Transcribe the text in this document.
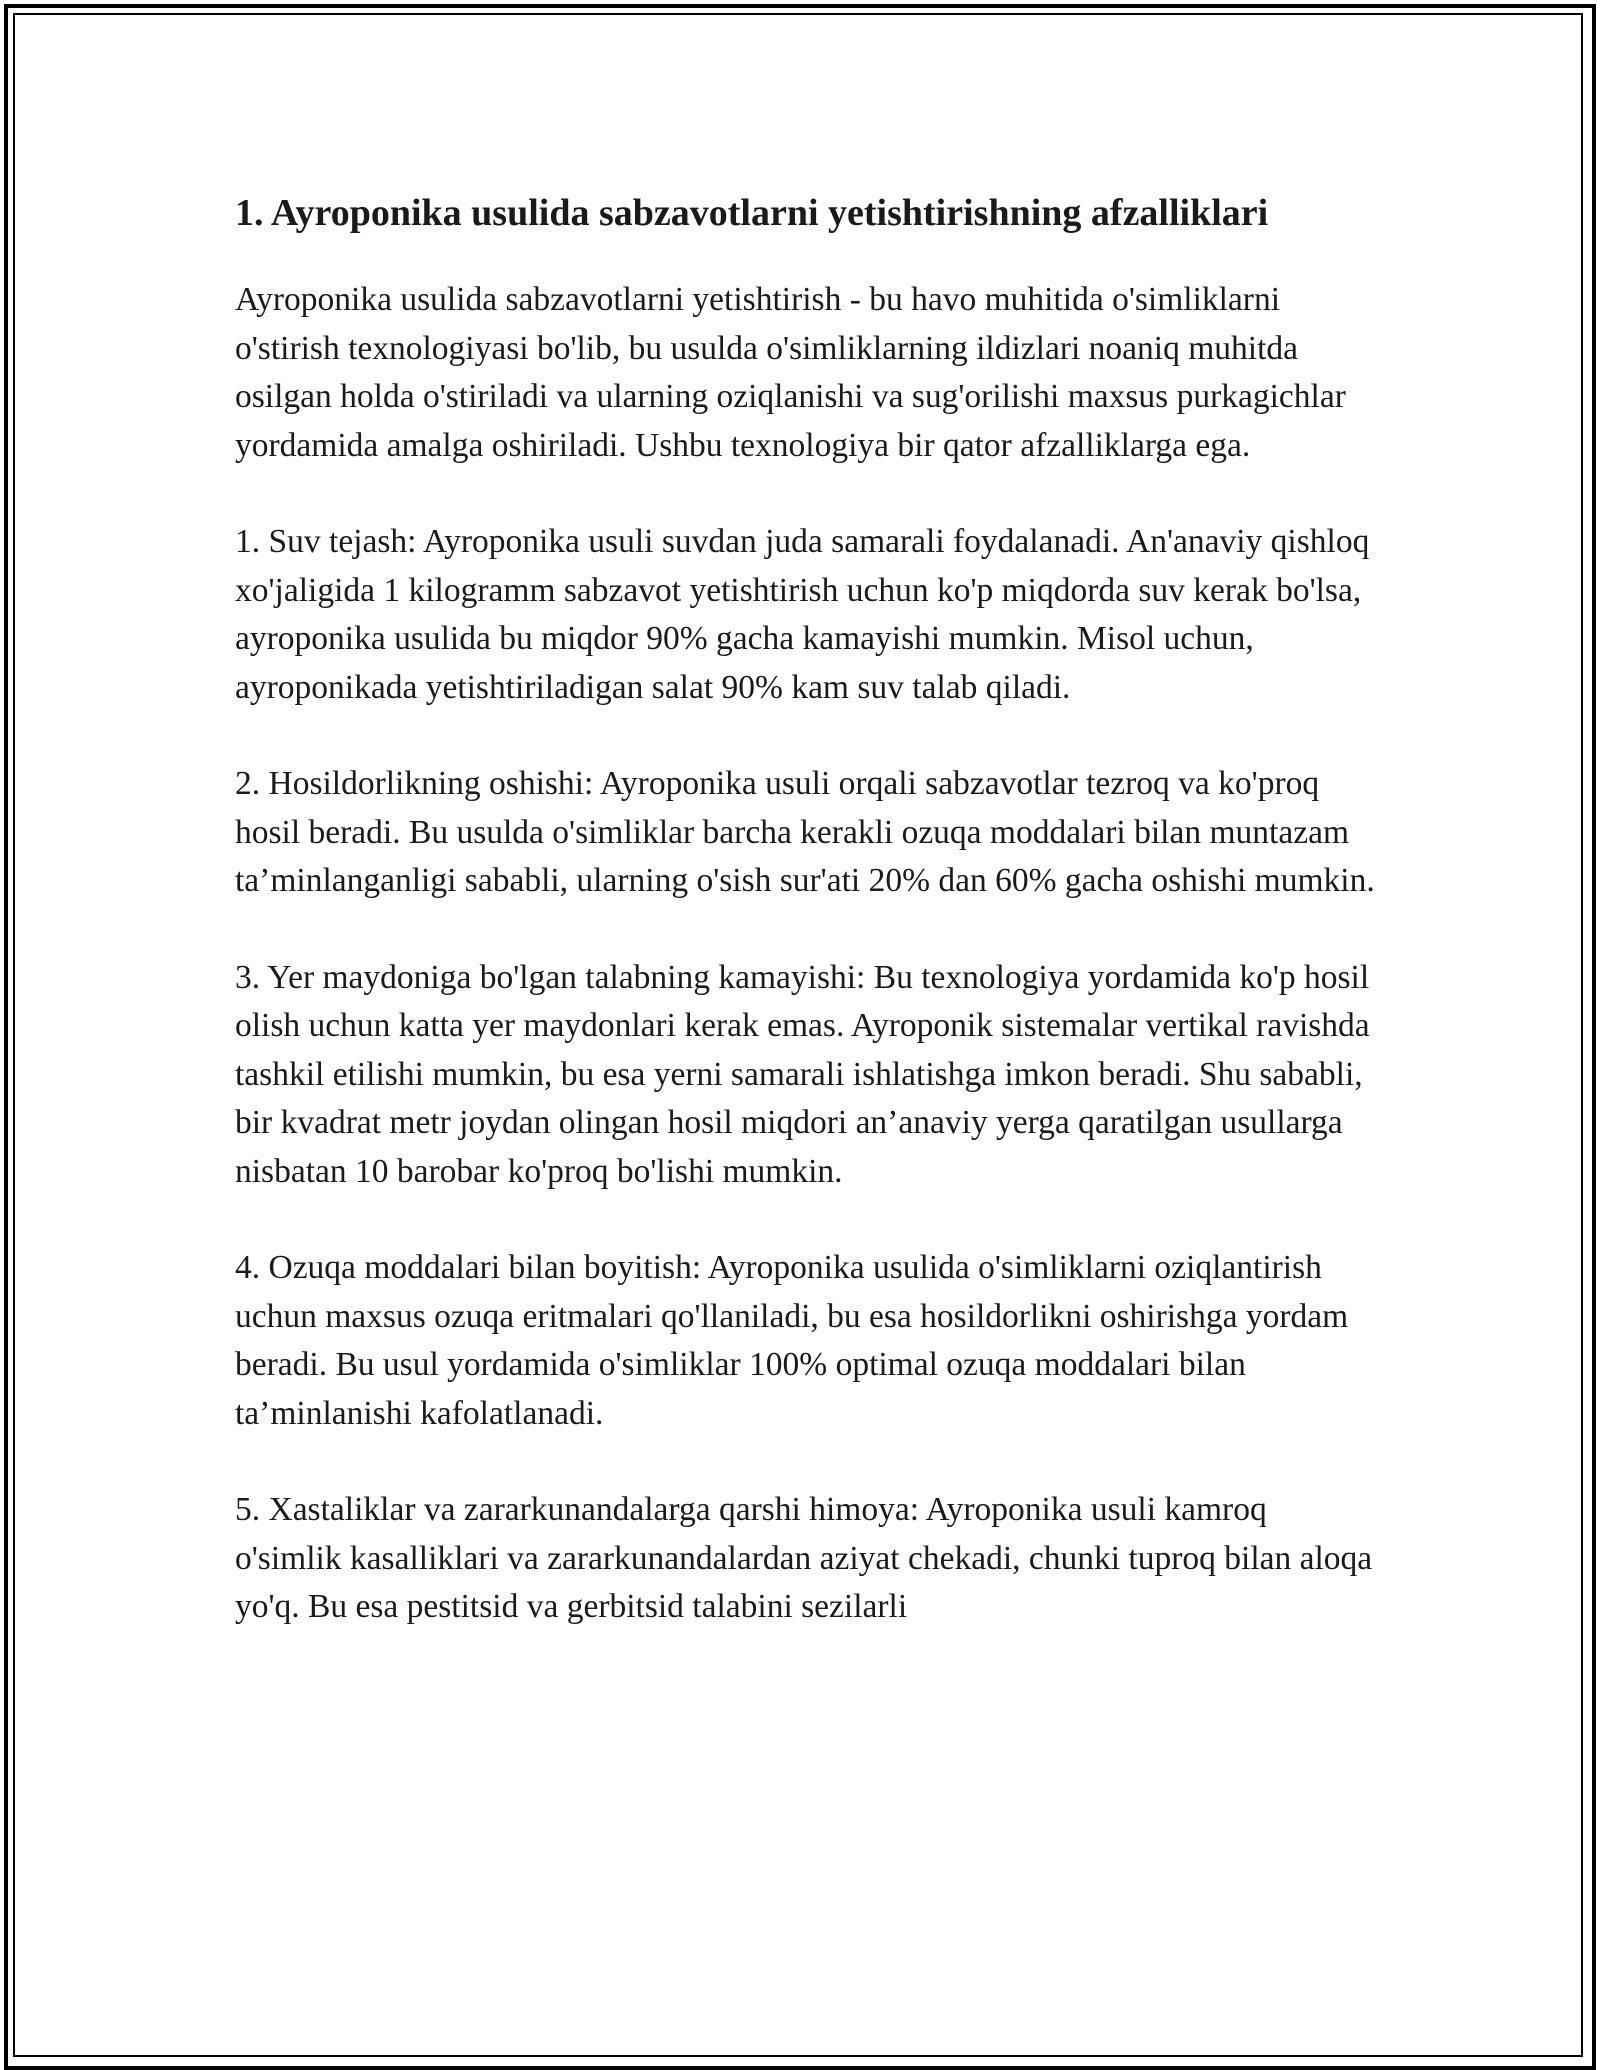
1. Ayroponika usulida sabzavotlarni yetishtirishning afzalliklari

Ayroponika usulida sabzavotlarni yetishtirish - bu havo muhitida o'simliklarni o'stirish texnologiyasi bo'lib, bu usulda o'simliklarning ildizlari noaniq muhitda osilgan holda o'stiriladi va ularning oziqlanishi va sug'orilishi maxsus purkagichlar yordamida amalga oshiriladi. Ushbu texnologiya bir qator afzalliklarga ega.

1. Suv tejash: Ayroponika usuli suvdan juda samarali foydalanadi. An'anaviy qishloq xo'jaligida 1 kilogramm sabzavot yetishtirish uchun ko'p miqdorda suv kerak bo'lsa, ayroponika usulida bu miqdor 90% gacha kamayishi mumkin. Misol uchun, ayroponikada yetishtiriladigan salat 90% kam suv talab qiladi.

2. Hosildorlikning oshishi: Ayroponika usuli orqali sabzavotlar tezroq va ko'proq hosil beradi. Bu usulda o'simliklar barcha kerakli ozuqa moddalari bilan muntazam ta’minlanganligi sababli, ularning o'sish sur'ati 20% dan 60% gacha oshishi mumkin.

3. Yer maydoniga bo'lgan talabning kamayishi: Bu texnologiya yordamida ko'p hosil olish uchun katta yer maydonlari kerak emas. Ayroponik sistemalar vertikal ravishda tashkil etilishi mumkin, bu esa yerni samarali ishlatishga imkon beradi. Shu sababli, bir kvadrat metr joydan olingan hosil miqdori an’anaviy yerga qaratilgan usullarga nisbatan 10 barobar ko'proq bo'lishi mumkin.

4. Ozuqa moddalari bilan boyitish: Ayroponika usulida o'simliklarni oziqlantirish uchun maxsus ozuqa eritmalari qo'llaniladi, bu esa hosildorlikni oshirishga yordam beradi. Bu usul yordamida o'simliklar 100% optimal ozuqa moddalari bilan ta’minlanishi kafolatlanadi.

5. Xastaliklar va zararkunandalarga qarshi himoya: Ayroponika usuli kamroq o'simlik kasalliklari va zararkunandalardan aziyat chekadi, chunki tuproq bilan aloqa yo'q. Bu esa pestitsid va gerbitsid talabini sezilarli
